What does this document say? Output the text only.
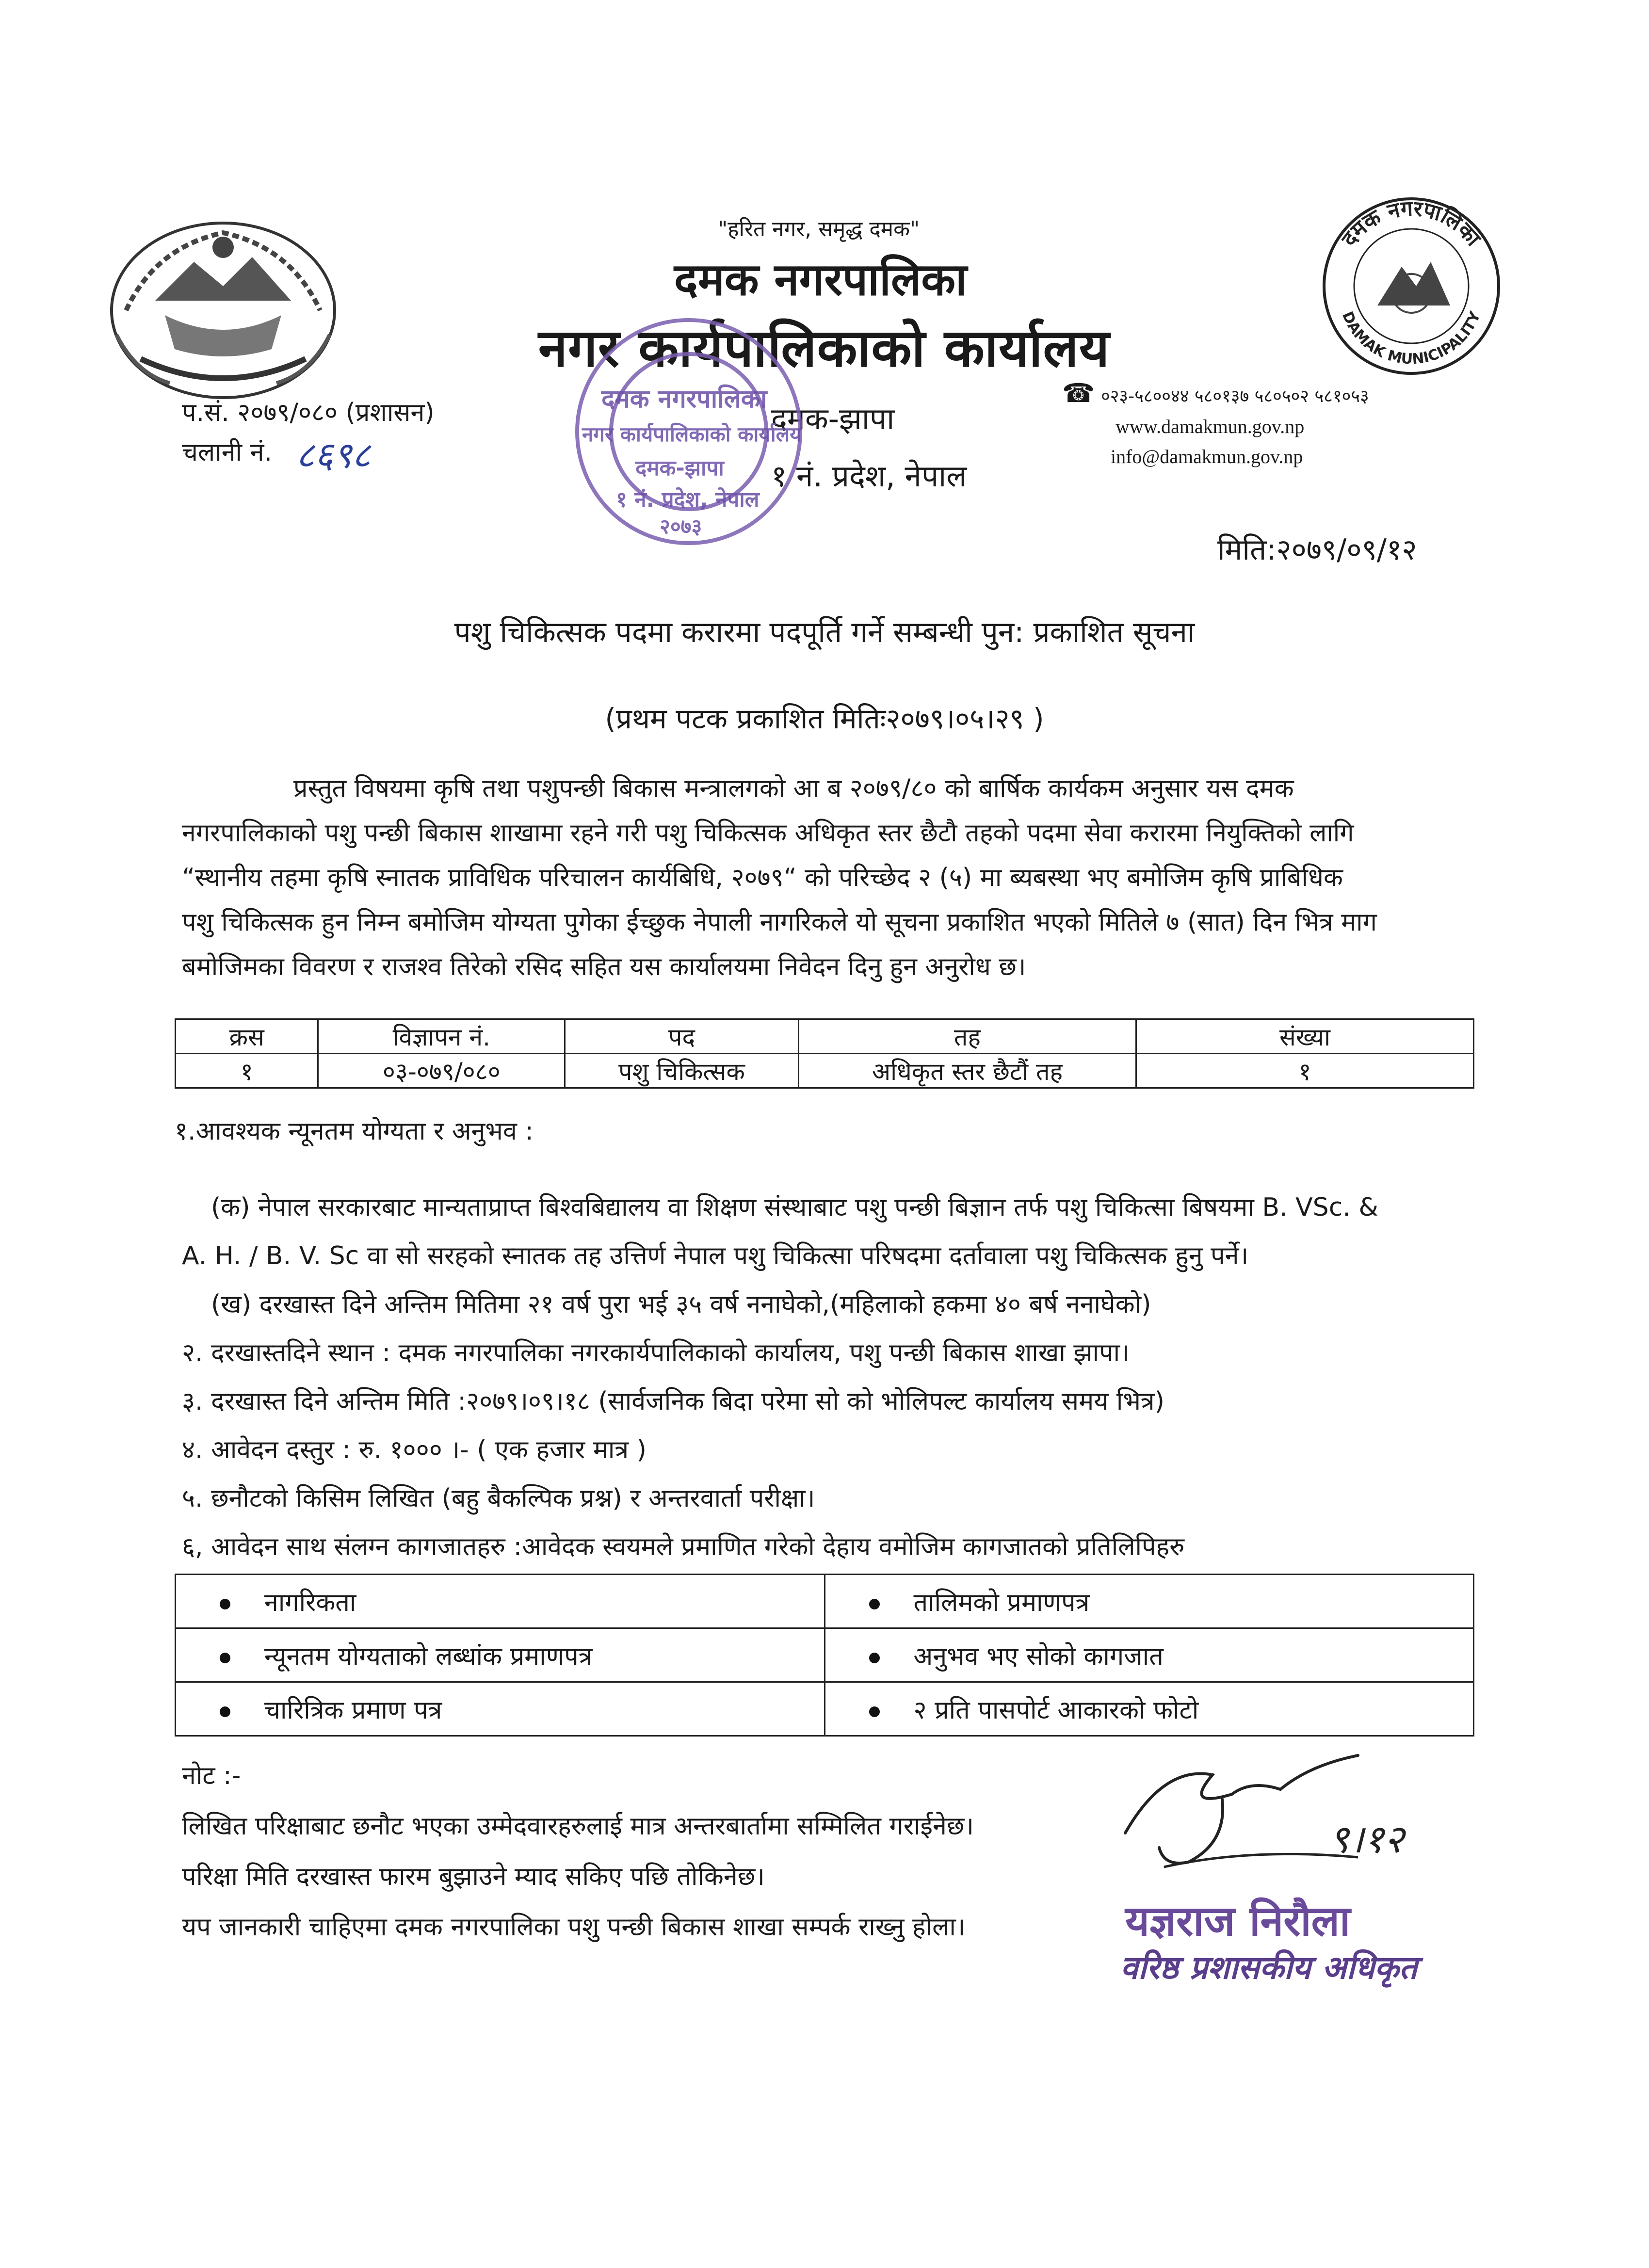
"हरित नगर, समृद्ध दमक"
दमक नगरपालिका
नगर कार्यपालिकाको कार्यालय
दमक नगरपालिका
DAMAK MUNICIPALITY
प.सं. २०७९/०८० (प्रशासन)
चलानी नं. ८६९८
दमक-झापा
१ नं. प्रदेश, नेपाल
☎ ०२३-५८००४४ ५८०१३७ ५८०५०२ ५८१०५३
www.damakmun.gov.np
info@damakmun.gov.np
दमक नगरपालिका
नगर कार्यपालिकाको कार्यालय
दमक-झापा
१ नं. प्रदेश, नेपाल
२०७३
मिति:२०७९/०९/१२
पशु चिकित्सक पदमा करारमा पदपूर्ति गर्ने सम्बन्धी पुन: प्रकाशित सूचना
(प्रथम पटक प्रकाशित मितिः२०७९।०५।२९ )
प्रस्तुत विषयमा कृषि तथा पशुपन्छी बिकास मन्त्रालगको आ ब २०७९/८० को बार्षिक कार्यकम अनुसार यस दमक
नगरपालिकाको पशु पन्छी बिकास शाखामा रहने गरी पशु चिकित्सक अधिकृत स्तर छैटौ तहको पदमा सेवा करारमा नियुक्तिको लागि
“स्थानीय तहमा कृषि स्नातक प्राविधिक परिचालन कार्यबिधि, २०७९“ को परिच्छेद २ (५) मा ब्यबस्था भए बमोजिम कृषि प्राबिधिक
पशु चिकित्सक हुन निम्न बमोजिम योग्यता पुगेका ईच्छुक नेपाली नागरिकले यो सूचना प्रकाशित भएको मितिले ७ (सात) दिन भित्र माग
बमोजिमका विवरण र राजश्व तिरेको रसिद सहित यस कार्यालयमा निवेदन दिनु हुन अनुरोध छ।
क्रस	विज्ञापन नं.	पद	तह	संख्या
१	०३-०७९/०८०	पशु चिकित्सक	अधिकृत स्तर छैटौं तह	१
१.आवश्यक न्यूनतम योग्यता र अनुभव :
(क) नेपाल सरकारबाट मान्यताप्राप्त बिश्वबिद्यालय वा शिक्षण संस्थाबाट पशु पन्छी बिज्ञान तर्फ पशु चिकित्सा बिषयमा B. VSc. &
A. H. / B. V. Sc वा सो सरहको स्नातक तह उत्तिर्ण नेपाल पशु चिकित्सा परिषदमा दर्तावाला पशु चिकित्सक हुनु पर्ने।
(ख) दरखास्त दिने अन्तिम मितिमा २१ वर्ष पुरा भई ३५ वर्ष ननाघेको,(महिलाको हकमा ४० बर्ष ननाघेको)
२. दरखास्तदिने स्थान : दमक नगरपालिका नगरकार्यपालिकाको कार्यालय, पशु पन्छी बिकास शाखा झापा।
३. दरखास्त दिने अन्तिम मिति :२०७९।०९।१८ (सार्वजनिक बिदा परेमा सो को भोलिपल्ट कार्यालय समय भित्र)
४. आवेदन दस्तुर : रु. १००० ।- ( एक हजार मात्र )
५. छनौटको किसिम लिखित (बहु बैकल्पिक प्रश्न) र अन्तरवार्ता परीक्षा।
६, आवेदन साथ संलग्न कागजातहरु :आवेदक स्वयमले प्रमाणित गरेको देहाय वमोजिम कागजातको प्रतिलिपिहरु
नागरिकता	तालिमको प्रमाणपत्र
न्यूनतम योग्यताको लब्धांक प्रमाणपत्र	अनुभव भए सोको कागजात
चारित्रिक प्रमाण पत्र	२ प्रति पासपोर्ट आकारको फोटो
नोट :-
लिखित परिक्षाबाट छनौट भएका उम्मेदवारहरुलाई मात्र अन्तरबार्तामा सम्मिलित गराईनेछ।
परिक्षा मिति दरखास्त फारम बुझाउने म्याद सकिए पछि तोकिनेछ।
यप जानकारी चाहिएमा दमक नगरपालिका पशु पन्छी बिकास शाखा सम्पर्क राख्नु होला।
९।१२
यज्ञराज निरौला
वरिष्ठ प्रशासकीय अधिकृत
